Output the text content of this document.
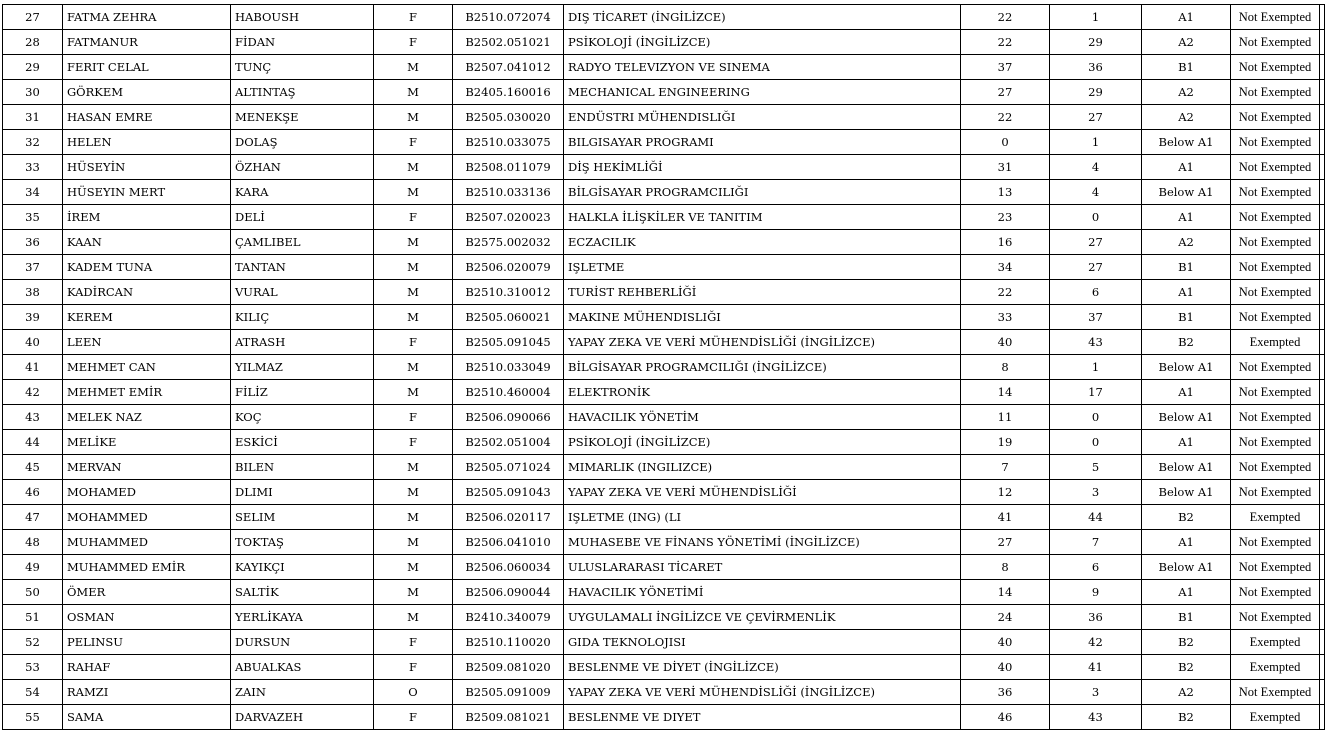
27	FATMA ZEHRA	HABOUSH	F	B2510.072074	DIŞ TİCARET (İNGİLİZCE)	22	1	A1	Not Exempted	
28	FATMANUR	FİDAN	F	B2502.051021	PSİKOLOJİ (İNGİLİZCE)	22	29	A2	Not Exempted	
29	FERIT CELAL	TUNÇ	M	B2507.041012	RADYO TELEVIZYON VE SINEMA	37	36	B1	Not Exempted	
30	GÖRKEM	ALTINTAŞ	M	B2405.160016	MECHANICAL ENGINEERING	27	29	A2	Not Exempted	
31	HASAN EMRE	MENEKŞE	M	B2505.030020	ENDÜSTRI MÜHENDISLIĞI	22	27	A2	Not Exempted	
32	HELEN	DOLAŞ	F	B2510.033075	BILGISAYAR PROGRAMI	0	1	Below A1	Not Exempted	
33	HÜSEYİN	ÖZHAN	M	B2508.011079	DİŞ HEKİMLİĞİ	31	4	A1	Not Exempted	
34	HÜSEYIN MERT	KARA	M	B2510.033136	BİLGİSAYAR PROGRAMCILIĞI	13	4	Below A1	Not Exempted	
35	İREM	DELİ	F	B2507.020023	HALKLA İLİŞKİLER VE TANITIM	23	0	A1	Not Exempted	
36	KAAN	ÇAMLIBEL	M	B2575.002032	ECZACILIK	16	27	A2	Not Exempted	
37	KADEM TUNA	TANTAN	M	B2506.020079	IŞLETME	34	27	B1	Not Exempted	
38	KADİRCAN	VURAL	M	B2510.310012	TURİST REHBERLİĞİ	22	6	A1	Not Exempted	
39	KEREM	KILIÇ	M	B2505.060021	MAKINE MÜHENDISLIĞI	33	37	B1	Not Exempted	
40	LEEN	ATRASH	F	B2505.091045	YAPAY ZEKA VE VERİ MÜHENDİSLİĞİ (İNGİLİZCE)	40	43	B2	Exempted	
41	MEHMET CAN	YILMAZ	M	B2510.033049	BİLGİSAYAR PROGRAMCILIĞI (İNGİLİZCE)	8	1	Below A1	Not Exempted	
42	MEHMET EMİR	FİLİZ	M	B2510.460004	ELEKTRONİK	14	17	A1	Not Exempted	
43	MELEK NAZ	KOÇ	F	B2506.090066	HAVACILIK YÖNETİM	11	0	Below A1	Not Exempted	
44	MELİKE	ESKİCİ	F	B2502.051004	PSİKOLOJİ (İNGİLİZCE)	19	0	A1	Not Exempted	
45	MERVAN	BILEN	M	B2505.071024	MIMARLIK (INGILIZCE)	7	5	Below A1	Not Exempted	
46	MOHAMED	DLIMI	M	B2505.091043	YAPAY ZEKA VE VERİ MÜHENDİSLİĞİ	12	3	Below A1	Not Exempted	
47	MOHAMMED	SELIM	M	B2506.020117	IŞLETME (ING) (LI	41	44	B2	Exempted	
48	MUHAMMED	TOKTAŞ	M	B2506.041010	MUHASEBE VE FİNANS YÖNETİMİ (İNGİLİZCE)	27	7	A1	Not Exempted	
49	MUHAMMED EMİR	KAYIKÇI	M	B2506.060034	ULUSLARARASI TİCARET	8	6	Below A1	Not Exempted	
50	ÖMER	SALTİK	M	B2506.090044	HAVACILIK YÖNETİMİ	14	9	A1	Not Exempted	
51	OSMAN	YERLİKAYA	M	B2410.340079	UYGULAMALI İNGİLİZCE VE ÇEVİRMENLİK	24	36	B1	Not Exempted	
52	PELINSU	DURSUN	F	B2510.110020	GIDA TEKNOLOJISI	40	42	B2	Exempted	
53	RAHAF	ABUALKAS	F	B2509.081020	BESLENME VE DİYET (İNGİLİZCE)	40	41	B2	Exempted	
54	RAMZI	ZAIN	O	B2505.091009	YAPAY ZEKA VE VERİ MÜHENDİSLİĞİ (İNGİLİZCE)	36	3	A2	Not Exempted	
55	SAMA	DARVAZEH	F	B2509.081021	BESLENME VE DIYET	46	43	B2	Exempted	
